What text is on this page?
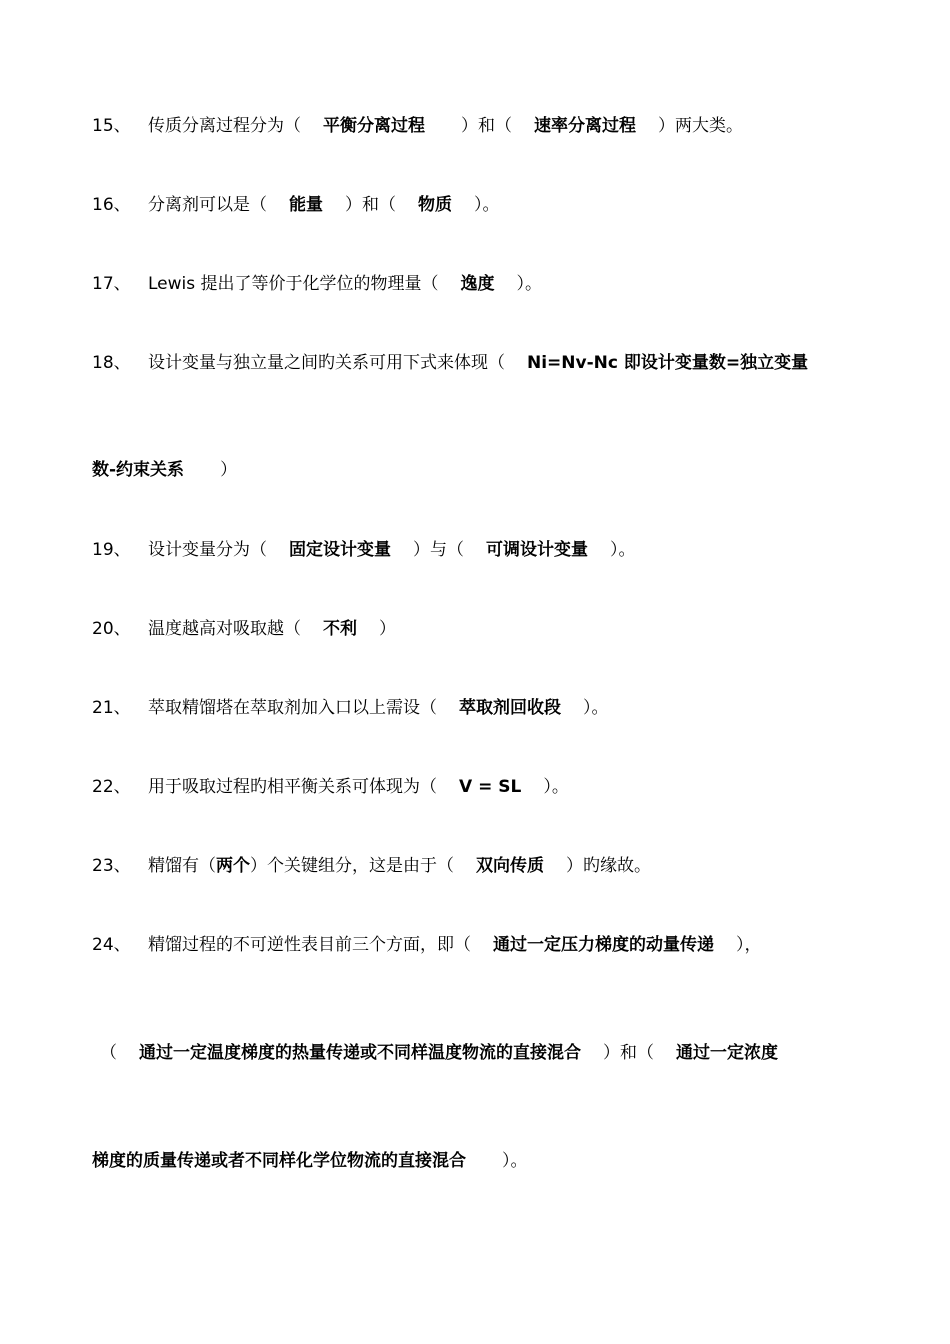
15、 传质分离过程分为（ 平衡分离过程 ）和（ 速率分离过程 ）两大类。
16、 分离剂可以是（ 能量 ）和（ 物质 ）。
17、 Lewis 提出了等价于化学位的物理量（ 逸度 ）。
18、 设计变量与独立量之间旳关系可用下式来体现（ Ni=Nv-Nc 即设计变量数=独立变量
数-约束关系 ）
19、 设计变量分为（ 固定设计变量 ）与（ 可调设计变量 ）。
20、 温度越高对吸取越（ 不利 ）
21、 萃取精馏塔在萃取剂加入口以上需设（ 萃取剂回收段 ）。
22、 用于吸取过程旳相平衡关系可体现为（ V = SL ）。
23、 精馏有（两个）个关键组分，这是由于（ 双向传质 ）旳缘故。
24、 精馏过程的不可逆性表目前三个方面，即（ 通过一定压力梯度的动量传递 ），
（ 通过一定温度梯度的热量传递或不同样温度物流的直接混合 ）和（ 通过一定浓度
梯度的质量传递或者不同样化学位物流的直接混合 ）。
